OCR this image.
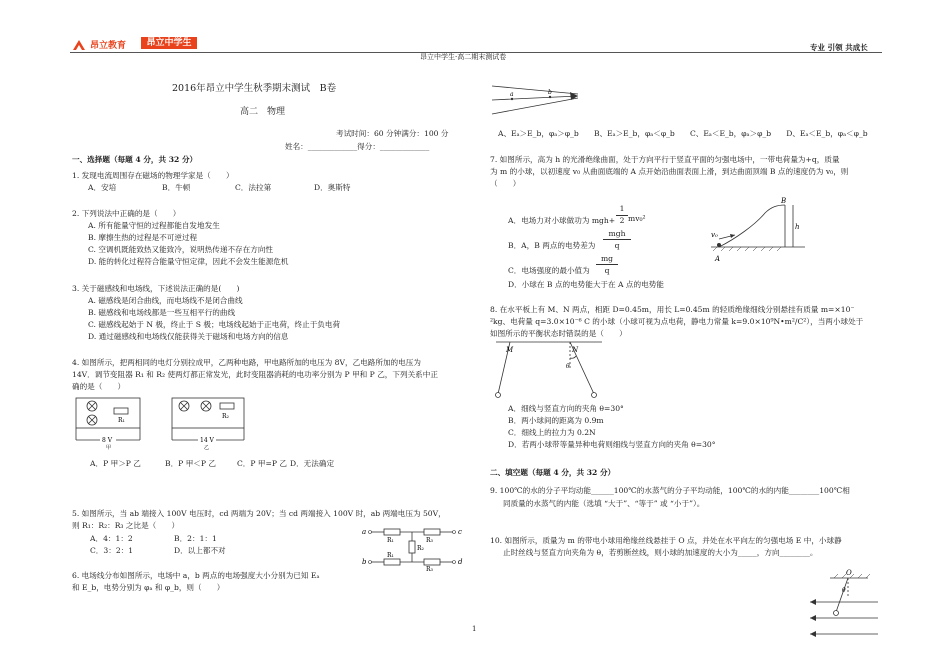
昂立教育	昂立中学生
昂立中学生·高二期末测试卷
专业 引领 共成长
2016年昂立中学生秋季期末测试　B卷
高二　物理
考试时间：60 分钟满分：100 分
姓名：_____________得分：_____________
一、选择题（每题 4 分，共 32 分）
1. 发现电流周围存在磁场的物理学家是（　　）
A．安培	B．牛顿	C．法拉第	D．奥斯特
2. 下列说法中正确的是（　　）
A. 所有能量守恒的过程都能自发地发生
B. 摩擦生热的过程是不可逆过程
C. 空调机既能致热又能致冷，说明热传递不存在方向性
D. 能的转化过程符合能量守恒定律，因此不会发生能源危机
3. 关于磁感线和电场线，下述说法正确的是(　　)
A. 磁感线是闭合曲线，而电场线不是闭合曲线
B. 磁感线和电场线都是一些互相平行的曲线
C. 磁感线起始于 N 极，终止于 S 极；电场线起始于正电荷，终止于负电荷
D. 通过磁感线和电场线仅能获得关于磁场和电场方向的信息
4. 如图所示，把两相同的电灯分别拉成甲，乙两种电路，甲电路所加的电压为 8V，乙电路所加的电压为
14V．调节变阻器 R₁ 和 R₂ 使两灯都正常发光，此时变阻器消耗的电功率分别为 P 甲和 P 乙，下列关系中正
确的是（　　）
R₁
R₂
8 V	14 V
甲	乙
A．P 甲＞P 乙	B．P 甲＜P 乙	C．P 甲=P 乙 D．无法确定
5. 如图所示，当 ab 端接入 100V 电压时，cd 两端为 20V；当 cd 两端接入 100V 时，ab 两端电压为 50V，
则 R₁：R₂：R₃ 之比是（　　）
A．4：1：2	B．2：1：1
C．3：2：1	D．以上都不对
a
b
c
d
R₁
R₂
R₃
R₁
R₃
6. 电场线分布如图所示，电场中 a，b 两点的电场强度大小分别为已知 Eₐ
和 E_b，电势分别为 φₐ 和 φ_b，则（　　）
1
a	b
A、Eₐ＞E_b，φₐ＞φ_b　　B、Eₐ＞E_b，φₐ＜φ_b　　C、Eₐ＜E_b，φₐ＞φ_b　　D、Eₐ＜E_b，φₐ＜φ_b
7. 如图所示，高为 h 的光滑绝缘曲面，处于方向平行于竖直平面的匀强电场中，一带电荷量为+q，质量
为 m 的小球，以初速度 v₀ 从曲面底端的 A 点开始沿曲面表面上滑，到达曲面顶端 B 点的速度仍为 v₀，则
（　　）
A．电场力对小球做功为 mgh+
1
2 mv₀²
B．A，B 两点的电势差为
mgh
q
C．电场强度的最小值为
mg
q
D．小球在 B 点的电势能大于在 A 点的电势能
B
h
v₀
A
8. 在水平板上有 M、N 两点，相距 D=0.45m，用长 L=0.45m 的轻质绝缘细线分别悬挂有质量 m=×10⁻
²kg、电荷量 q=3.0×10⁻⁶ C 的小球（小球可视为点电荷，静电力常量 k=9.0×10⁹N•m²/C²），当两小球处于
如图所示的平衡状态时错误的是（　　）
M	N
θ
A．细线与竖直方向的夹角 θ=30°
B．两小球间的距离为 0.9m
C．细线上的拉力为 0.2N
D．若两小球带等量异种电荷则细线与竖直方向的夹角 θ=30°
二、填空题（每题 4 分，共 32 分）
9. 100℃的水的分子平均动能______100℃的水蒸气的分子平均动能，100℃的水的内能________100℃相
同质量的水蒸气的内能（选填 “大于”、“等于” 或 “小于”）。
10. 如图所示，质量为 m 的带电小球用绝缘丝线悬挂于 O 点，并处在水平向左的匀强电场 E 中，小球静
止时丝线与竖直方向夹角为 θ，若剪断丝线，则小球的加速度的大小为_____，方向________。
O
θ
